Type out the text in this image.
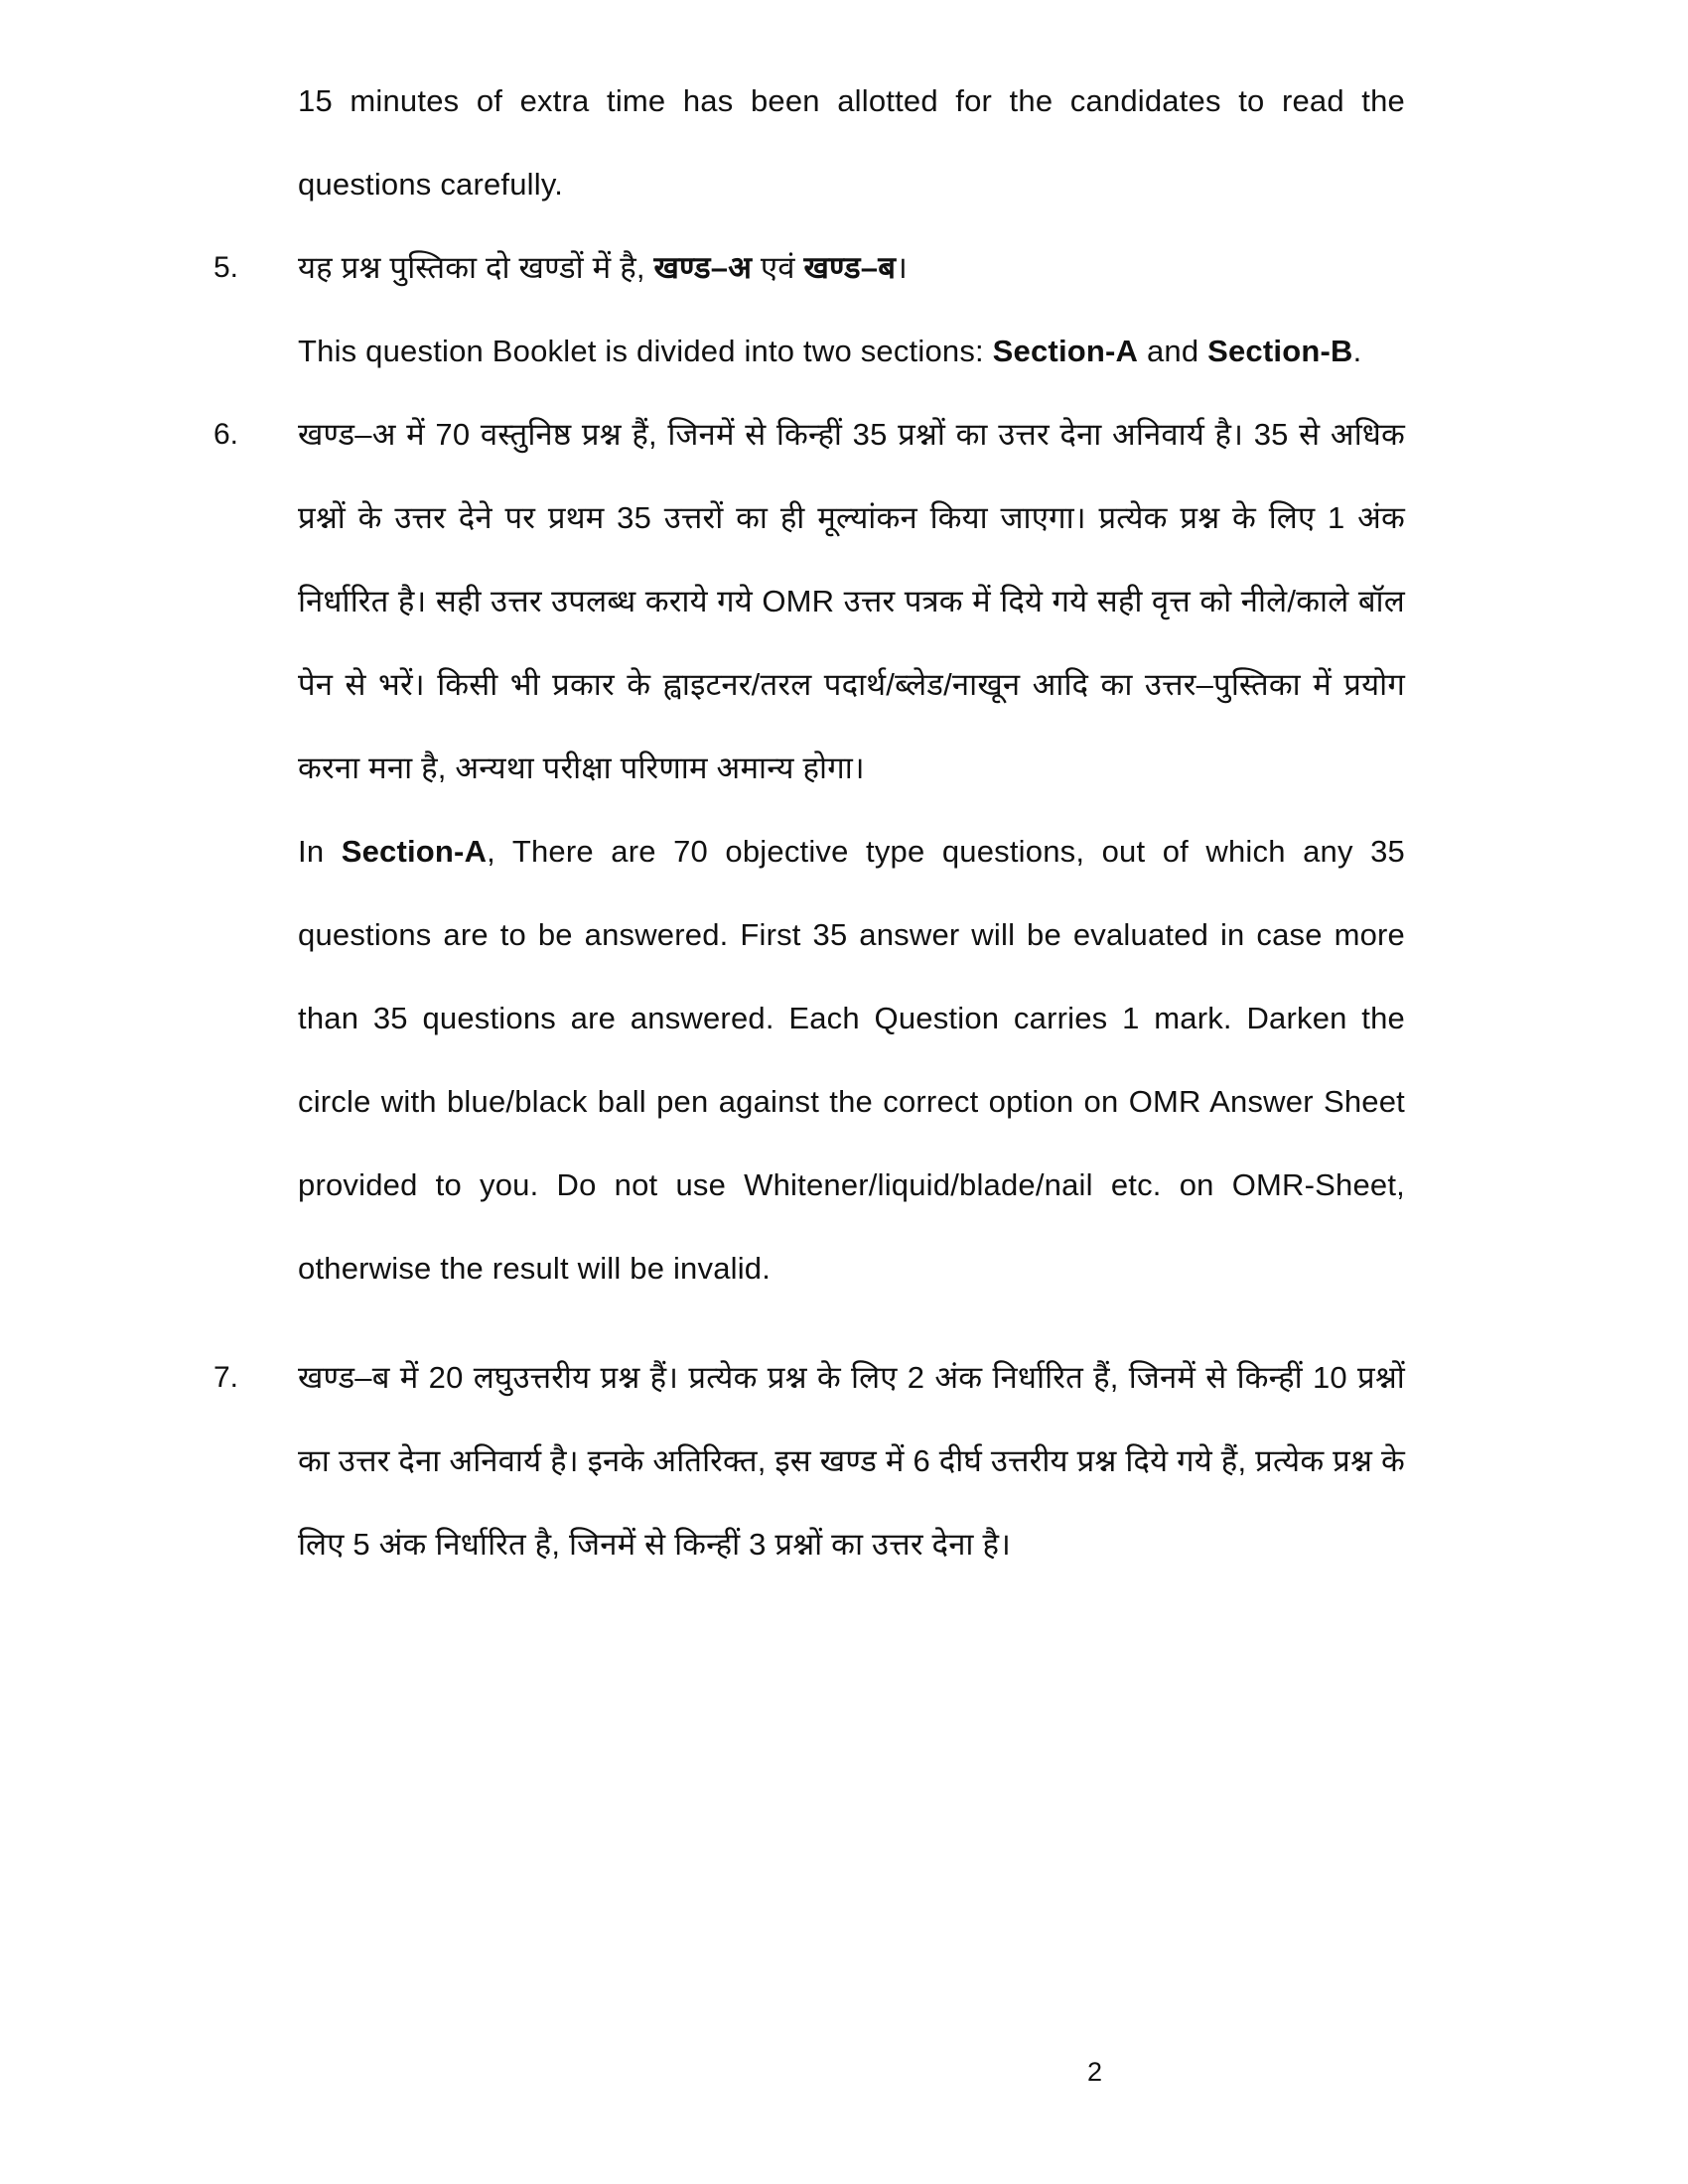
15 minutes of extra time has been allotted for the candidates to read the questions carefully.

5.	यह प्रश्न पुस्तिका दो खण्डों में है, खण्ड–अ एवं खण्ड–ब।

This question Booklet is divided into two sections: Section-A and Section-B.

6.	खण्ड–अ में 70 वस्तुनिष्ठ प्रश्न हैं, जिनमें से किन्हीं 35 प्रश्नों का उत्तर देना अनिवार्य है। 35 से अधिक प्रश्नों के उत्तर देने पर प्रथम 35 उत्तरों का ही मूल्यांकन किया जाएगा। प्रत्येक प्रश्न के लिए 1 अंक निर्धारित है। सही उत्तर उपलब्ध कराये गये OMR उत्तर पत्रक में दिये गये सही वृत्त को नीले/काले बॉल पेन से भरें। किसी भी प्रकार के ह्वाइटनर/तरल पदार्थ/ब्लेड/नाखून आदि का उत्तर–पुस्तिका में प्रयोग करना मना है, अन्यथा परीक्षा परिणाम अमान्य होगा।

In Section-A, There are 70 objective type questions, out of which any 35 questions are to be answered. First 35 answer will be evaluated in case more than 35 questions are answered. Each Question carries 1 mark. Darken the circle with blue/black ball pen against the correct option on OMR Answer Sheet provided to you. Do not use Whitener/liquid/blade/nail etc. on OMR-Sheet, otherwise the result will be invalid.

7.	खण्ड–ब में 20 लघुउत्तरीय प्रश्न हैं। प्रत्येक प्रश्न के लिए 2 अंक निर्धारित हैं, जिनमें से किन्हीं 10 प्रश्नों का उत्तर देना अनिवार्य है। इनके अतिरिक्त, इस खण्ड में 6 दीर्घ उत्तरीय प्रश्न दिये गये हैं, प्रत्येक प्रश्न के लिए 5 अंक निर्धारित है, जिनमें से किन्हीं 3 प्रश्नों का उत्तर देना है।

2
